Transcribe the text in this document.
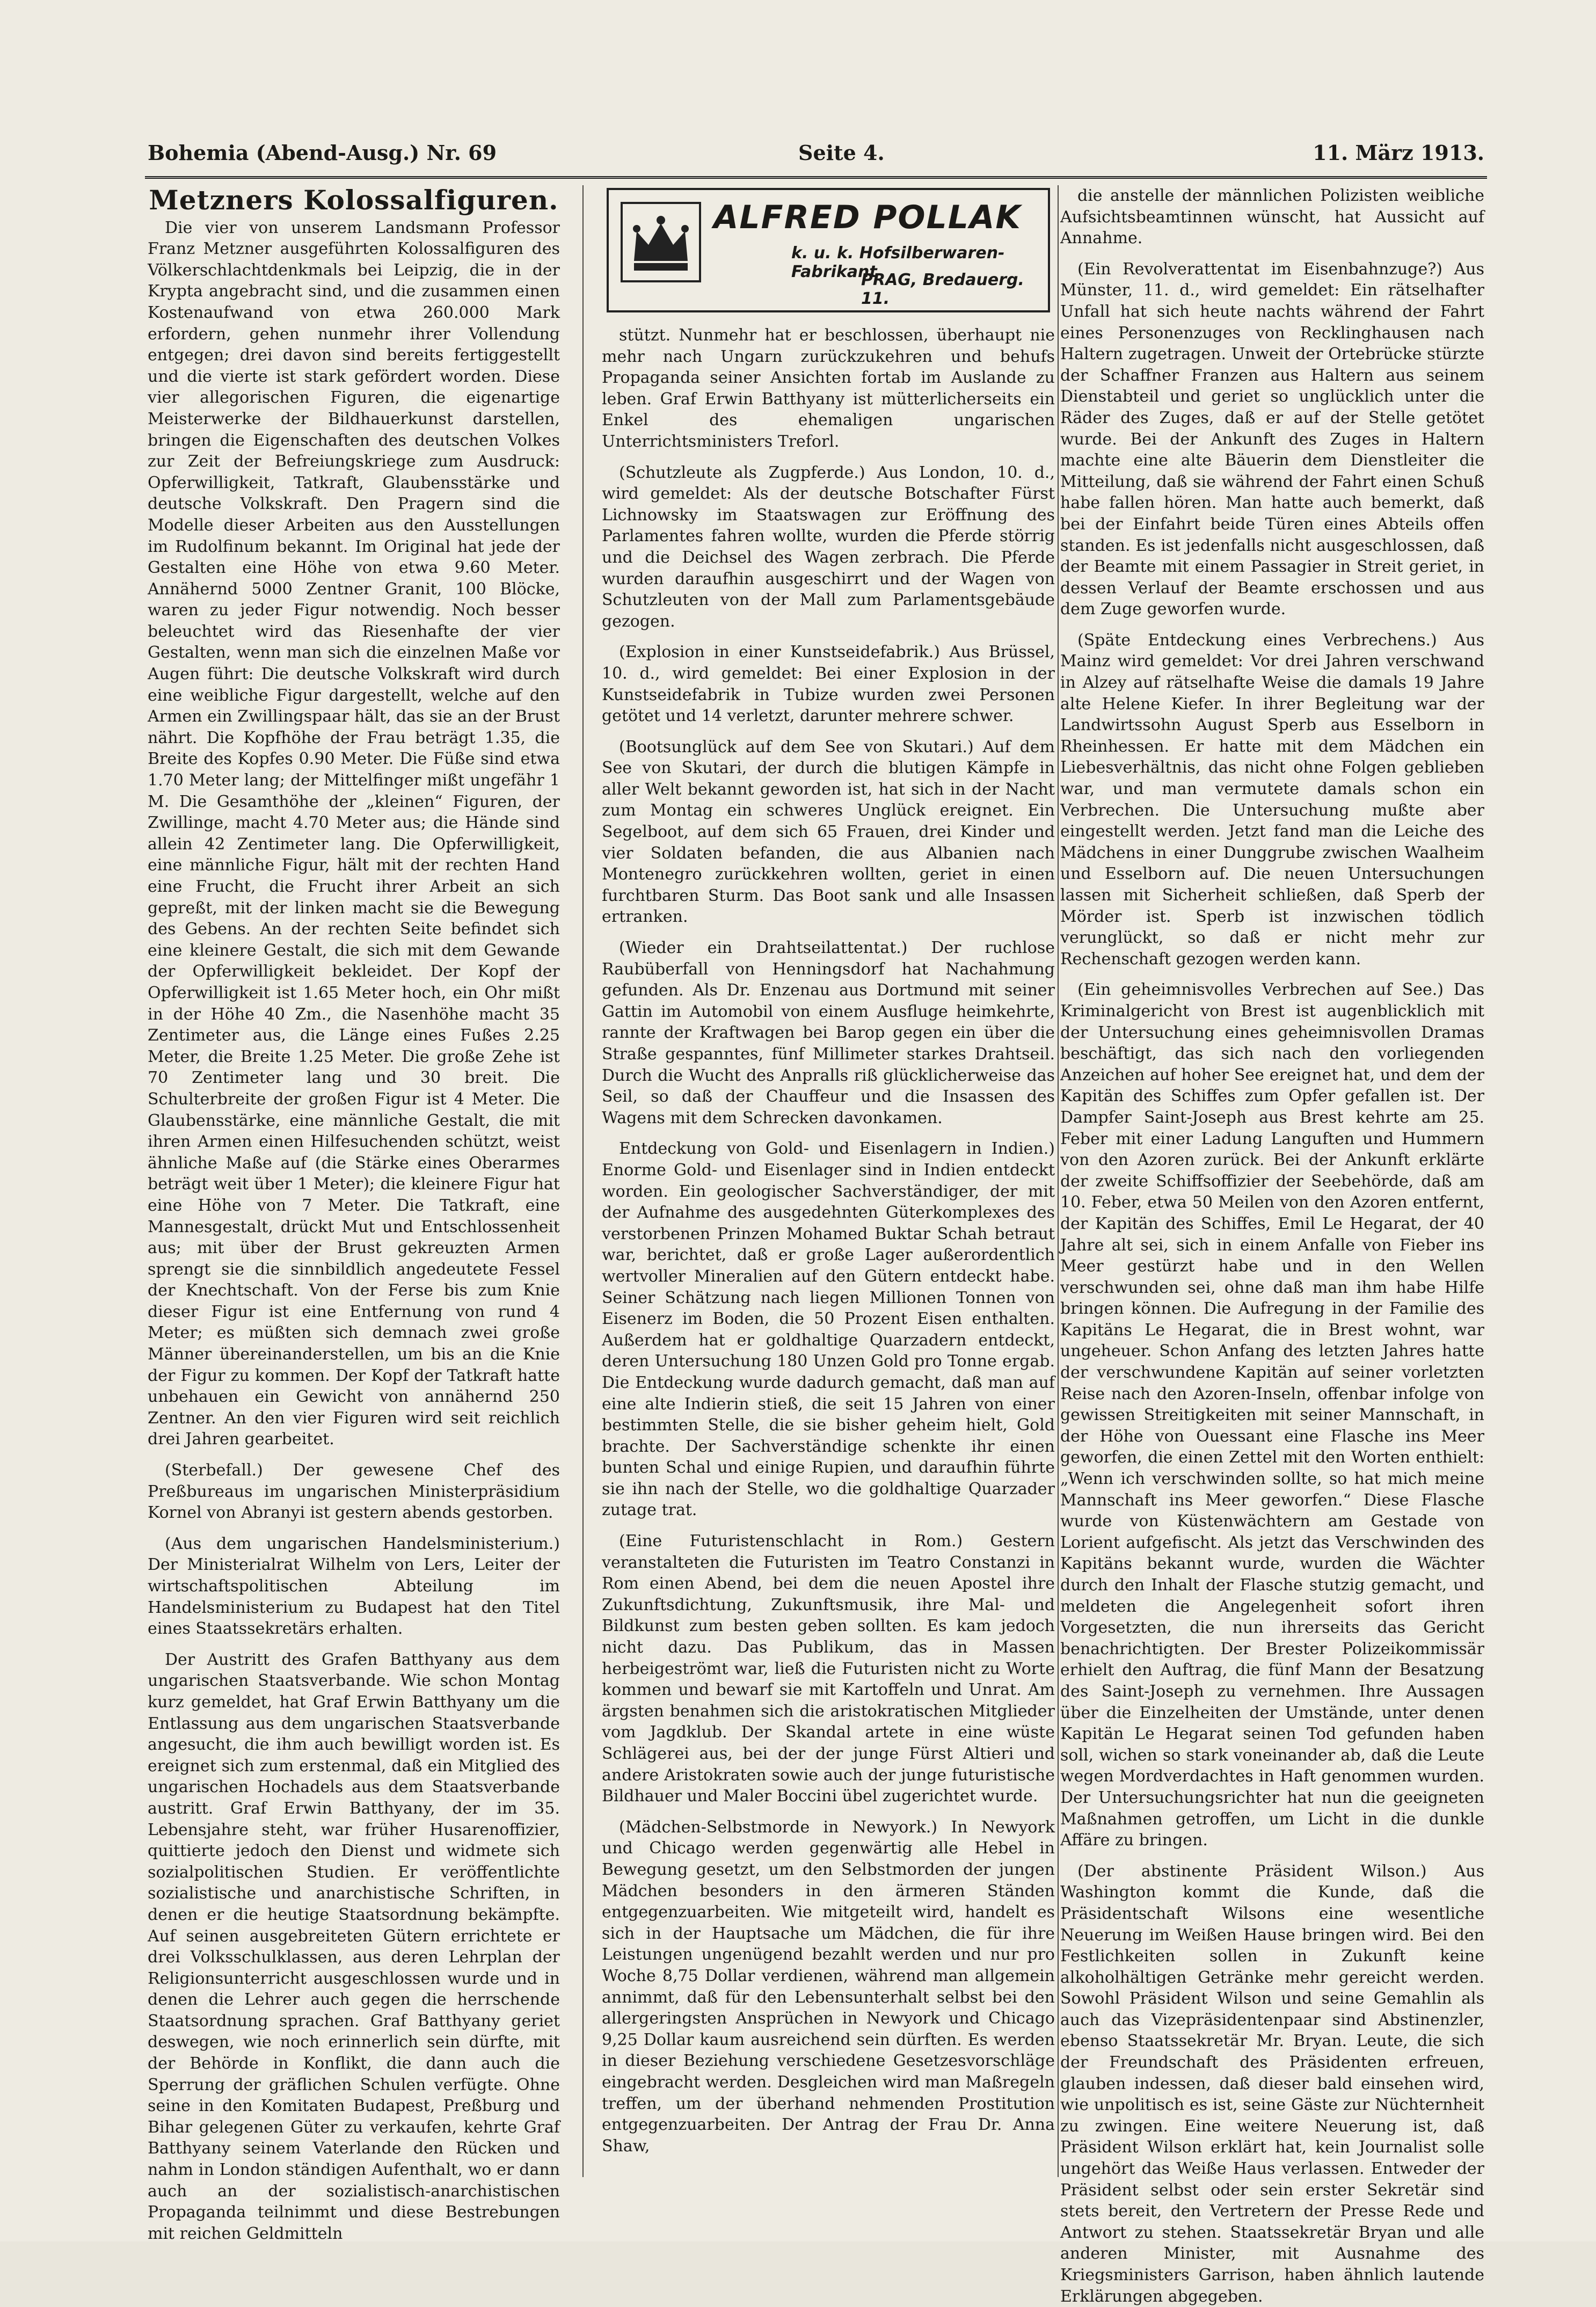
Bohemia (Abend-Ausg.) Nr. 69	Seite 4.	11. März 1913.
Metzners Kolossalfiguren.

Die vier von unserem Landsmann Professor Franz Metzner ausgeführten Kolossalfiguren des Völkerschlachtdenkmals bei Leipzig, die in der Krypta angebracht sind, und die zusammen einen Kostenaufwand von etwa 260.000 Mark erfordern, gehen nunmehr ihrer Vollendung entgegen; drei davon sind bereits fertiggestellt und die vierte ist stark gefördert worden. Diese vier allegorischen Figuren, die eigenartige Meisterwerke der Bildhauerkunst darstellen, bringen die Eigenschaften des deutschen Volkes zur Zeit der Befreiungskriege zum Ausdruck: Opferwilligkeit, Tatkraft, Glaubensstärke und deutsche Volkskraft. Den Pragern sind die Modelle dieser Arbeiten aus den Ausstellungen im Rudolfinum bekannt. Im Original hat jede der Gestalten eine Höhe von etwa 9.60 Meter. Annähernd 5000 Zentner Granit, 100 Blöcke, waren zu jeder Figur notwendig. Noch besser beleuchtet wird das Riesenhafte der vier Gestalten, wenn man sich die einzelnen Maße vor Augen führt: Die deutsche Volkskraft wird durch eine weibliche Figur dargestellt, welche auf den Armen ein Zwillingspaar hält, das sie an der Brust nährt. Die Kopfhöhe der Frau beträgt 1.35, die Breite des Kopfes 0.90 Meter. Die Füße sind etwa 1.70 Meter lang; der Mittelfinger mißt ungefähr 1 M. Die Gesamthöhe der „kleinen“ Figuren, der Zwillinge, macht 4.70 Meter aus; die Hände sind allein 42 Zentimeter lang. Die Opferwilligkeit, eine männliche Figur, hält mit der rechten Hand eine Frucht, die Frucht ihrer Arbeit an sich gepreßt, mit der linken macht sie die Bewegung des Gebens. An der rechten Seite befindet sich eine kleinere Gestalt, die sich mit dem Gewande der Opferwilligkeit bekleidet. Der Kopf der Opferwilligkeit ist 1.65 Meter hoch, ein Ohr mißt in der Höhe 40 Zm., die Nasenhöhe macht 35 Zentimeter aus, die Länge eines Fußes 2.25 Meter, die Breite 1.25 Meter. Die große Zehe ist 70 Zentimeter lang und 30 breit. Die Schulterbreite der großen Figur ist 4 Meter. Die Glaubensstärke, eine männliche Gestalt, die mit ihren Armen einen Hilfesuchenden schützt, weist ähnliche Maße auf (die Stärke eines Oberarmes beträgt weit über 1 Meter); die kleinere Figur hat eine Höhe von 7 Meter. Die Tatkraft, eine Mannesgestalt, drückt Mut und Entschlossenheit aus; mit über der Brust gekreuzten Armen sprengt sie die sinnbildlich angedeutete Fessel der Knechtschaft. Von der Ferse bis zum Knie dieser Figur ist eine Entfernung von rund 4 Meter; es müßten sich demnach zwei große Männer übereinanderstellen, um bis an die Knie der Figur zu kommen. Der Kopf der Tatkraft hatte unbehauen ein Gewicht von annähernd 250 Zentner. An den vier Figuren wird seit reichlich drei Jahren gearbeitet.

(Sterbefall.) Der gewesene Chef des Preßbureaus im ungarischen Ministerpräsidium Kornel von Abranyi ist gestern abends gestorben.

(Aus dem ungarischen Handelsministerium.) Der Ministerialrat Wilhelm von Lers, Leiter der wirtschaftspolitischen Abteilung im Handelsministerium zu Budapest hat den Titel eines Staatssekretärs erhalten.

Der Austritt des Grafen Batthyany aus dem ungarischen Staatsverbande. Wie schon Montag kurz gemeldet, hat Graf Erwin Batthyany um die Entlassung aus dem ungarischen Staatsverbande angesucht, die ihm auch bewilligt worden ist. Es ereignet sich zum erstenmal, daß ein Mitglied des ungarischen Hochadels aus dem Staatsverbande austritt. Graf Erwin Batthyany, der im 35. Lebensjahre steht, war früher Husarenoffizier, quittierte jedoch den Dienst und widmete sich sozialpolitischen Studien. Er veröffentlichte sozialistische und anarchistische Schriften, in denen er die heutige Staatsordnung bekämpfte. Auf seinen ausgebreiteten Gütern errichtete er drei Volksschulklassen, aus deren Lehrplan der Religionsunterricht ausgeschlossen wurde und in denen die Lehrer auch gegen die herrschende Staatsordnung sprachen. Graf Batthyany geriet deswegen, wie noch erinnerlich sein dürfte, mit der Behörde in Konflikt, die dann auch die Sperrung der gräflichen Schulen verfügte. Ohne seine in den Komitaten Budapest, Preßburg und Bihar gelegenen Güter zu verkaufen, kehrte Graf Batthyany seinem Vaterlande den Rücken und nahm in London ständigen Aufenthalt, wo er dann auch an der sozialistisch-anarchistischen Propaganda teilnimmt und diese Bestrebungen mit reichen Geldmitteln

ALFRED POLLAK
k. u. k. Hofsilberwaren-Fabrikant
PRAG, Bredauerg. 11.

stützt. Nunmehr hat er beschlossen, überhaupt nie mehr nach Ungarn zurückzukehren und behufs Propaganda seiner Ansichten fortab im Auslande zu leben. Graf Erwin Batthyany ist mütterlicherseits ein Enkel des ehemaligen ungarischen Unterrichtsministers Treforl.

(Schutzleute als Zugpferde.) Aus London, 10. d., wird gemeldet: Als der deutsche Botschafter Fürst Lichnowsky im Staatswagen zur Eröffnung des Parlamentes fahren wollte, wurden die Pferde störrig und die Deichsel des Wagen zerbrach. Die Pferde wurden daraufhin ausgeschirrt und der Wagen von Schutzleuten von der Mall zum Parlamentsgebäude gezogen.

(Explosion in einer Kunstseidefabrik.) Aus Brüssel, 10. d., wird gemeldet: Bei einer Explosion in der Kunstseidefabrik in Tubize wurden zwei Personen getötet und 14 verletzt, darunter mehrere schwer.

(Bootsunglück auf dem See von Skutari.) Auf dem See von Skutari, der durch die blutigen Kämpfe in aller Welt bekannt geworden ist, hat sich in der Nacht zum Montag ein schweres Unglück ereignet. Ein Segelboot, auf dem sich 65 Frauen, drei Kinder und vier Soldaten befanden, die aus Albanien nach Montenegro zurückkehren wollten, geriet in einen furchtbaren Sturm. Das Boot sank und alle Insassen ertranken.

(Wieder ein Drahtseilattentat.) Der ruchlose Raubüberfall von Henningsdorf hat Nachahmung gefunden. Als Dr. Enzenau aus Dortmund mit seiner Gattin im Automobil von einem Ausfluge heimkehrte, rannte der Kraftwagen bei Barop gegen ein über die Straße gespanntes, fünf Millimeter starkes Drahtseil. Durch die Wucht des Anpralls riß glücklicherweise das Seil, so daß der Chauffeur und die Insassen des Wagens mit dem Schrecken davonkamen.

Entdeckung von Gold- und Eisenlagern in Indien.) Enorme Gold- und Eisenlager sind in Indien entdeckt worden. Ein geologischer Sachverständiger, der mit der Aufnahme des ausgedehnten Güterkomplexes des verstorbenen Prinzen Mohamed Buktar Schah betraut war, berichtet, daß er große Lager außerordentlich wertvoller Mineralien auf den Gütern entdeckt habe. Seiner Schätzung nach liegen Millionen Tonnen von Eisenerz im Boden, die 50 Prozent Eisen enthalten. Außerdem hat er goldhaltige Quarzadern entdeckt, deren Untersuchung 180 Unzen Gold pro Tonne ergab. Die Entdeckung wurde dadurch gemacht, daß man auf eine alte Indierin stieß, die seit 15 Jahren von einer bestimmten Stelle, die sie bisher geheim hielt, Gold brachte. Der Sachverständige schenkte ihr einen bunten Schal und einige Rupien, und daraufhin führte sie ihn nach der Stelle, wo die goldhaltige Quarzader zutage trat.

(Eine Futuristenschlacht in Rom.) Gestern veranstalteten die Futuristen im Teatro Constanzi in Rom einen Abend, bei dem die neuen Apostel ihre Zukunftsdichtung, Zukunftsmusik, ihre Mal- und Bildkunst zum besten geben sollten. Es kam jedoch nicht dazu. Das Publikum, das in Massen herbeigeströmt war, ließ die Futuristen nicht zu Worte kommen und bewarf sie mit Kartoffeln und Unrat. Am ärgsten benahmen sich die aristokratischen Mitglieder vom Jagdklub. Der Skandal artete in eine wüste Schlägerei aus, bei der der junge Fürst Altieri und andere Aristokraten sowie auch der junge futuristische Bildhauer und Maler Boccini übel zugerichtet wurde.

(Mädchen-Selbstmorde in Newyork.) In Newyork und Chicago werden gegenwärtig alle Hebel in Bewegung gesetzt, um den Selbstmorden der jungen Mädchen besonders in den ärmeren Ständen entgegenzuarbeiten. Wie mitgeteilt wird, handelt es sich in der Hauptsache um Mädchen, die für ihre Leistungen ungenügend bezahlt werden und nur pro Woche 8,75 Dollar verdienen, während man allgemein annimmt, daß für den Lebensunterhalt selbst bei den allergeringsten Ansprüchen in Newyork und Chicago 9,25 Dollar kaum ausreichend sein dürften. Es werden in dieser Beziehung verschiedene Gesetzesvorschläge eingebracht werden. Desgleichen wird man Maßregeln treffen, um der überhand nehmenden Prostitution entgegenzuarbeiten. Der Antrag der Frau Dr. Anna Shaw,

die anstelle der männlichen Polizisten weibliche Aufsichtsbeamtinnen wünscht, hat Aussicht auf Annahme.

(Ein Revolverattentat im Eisenbahnzuge?) Aus Münster, 11. d., wird gemeldet: Ein rätselhafter Unfall hat sich heute nachts während der Fahrt eines Personenzuges von Recklinghausen nach Haltern zugetragen. Unweit der Ortebrücke stürzte der Schaffner Franzen aus Haltern aus seinem Dienstabteil und geriet so unglücklich unter die Räder des Zuges, daß er auf der Stelle getötet wurde. Bei der Ankunft des Zuges in Haltern machte eine alte Bäuerin dem Dienstleiter die Mitteilung, daß sie während der Fahrt einen Schuß habe fallen hören. Man hatte auch bemerkt, daß bei der Einfahrt beide Türen eines Abteils offen standen. Es ist jedenfalls nicht ausgeschlossen, daß der Beamte mit einem Passagier in Streit geriet, in dessen Verlauf der Beamte erschossen und aus dem Zuge geworfen wurde.

(Späte Entdeckung eines Verbrechens.) Aus Mainz wird gemeldet: Vor drei Jahren verschwand in Alzey auf rätselhafte Weise die damals 19 Jahre alte Helene Kiefer. In ihrer Begleitung war der Landwirtssohn August Sperb aus Esselborn in Rheinhessen. Er hatte mit dem Mädchen ein Liebesverhältnis, das nicht ohne Folgen geblieben war, und man vermutete damals schon ein Verbrechen. Die Untersuchung mußte aber eingestellt werden. Jetzt fand man die Leiche des Mädchens in einer Dunggrube zwischen Waalheim und Esselborn auf. Die neuen Untersuchungen lassen mit Sicherheit schließen, daß Sperb der Mörder ist. Sperb ist inzwischen tödlich verunglückt, so daß er nicht mehr zur Rechenschaft gezogen werden kann.

(Ein geheimnisvolles Verbrechen auf See.) Das Kriminalgericht von Brest ist augenblicklich mit der Untersuchung eines geheimnisvollen Dramas beschäftigt, das sich nach den vorliegenden Anzeichen auf hoher See ereignet hat, und dem der Kapitän des Schiffes zum Opfer gefallen ist. Der Dampfer Saint-Joseph aus Brest kehrte am 25. Feber mit einer Ladung Languften und Hummern von den Azoren zurück. Bei der Ankunft erklärte der zweite Schiffsoffizier der Seebehörde, daß am 10. Feber, etwa 50 Meilen von den Azoren entfernt, der Kapitän des Schiffes, Emil Le Hegarat, der 40 Jahre alt sei, sich in einem Anfalle von Fieber ins Meer gestürzt habe und in den Wellen verschwunden sei, ohne daß man ihm habe Hilfe bringen können. Die Aufregung in der Familie des Kapitäns Le Hegarat, die in Brest wohnt, war ungeheuer. Schon Anfang des letzten Jahres hatte der verschwundene Kapitän auf seiner vorletzten Reise nach den Azoren-Inseln, offenbar infolge von gewissen Streitigkeiten mit seiner Mannschaft, in der Höhe von Ouessant eine Flasche ins Meer geworfen, die einen Zettel mit den Worten enthielt: „Wenn ich verschwinden sollte, so hat mich meine Mannschaft ins Meer geworfen.“ Diese Flasche wurde von Küstenwächtern am Gestade von Lorient aufgefischt. Als jetzt das Verschwinden des Kapitäns bekannt wurde, wurden die Wächter durch den Inhalt der Flasche stutzig gemacht, und meldeten die Angelegenheit sofort ihren Vorgesetzten, die nun ihrerseits das Gericht benachrichtigten. Der Brester Polizeikommissär erhielt den Auftrag, die fünf Mann der Besatzung des Saint-Joseph zu vernehmen. Ihre Aussagen über die Einzelheiten der Umstände, unter denen Kapitän Le Hegarat seinen Tod gefunden haben soll, wichen so stark voneinander ab, daß die Leute wegen Mordverdachtes in Haft genommen wurden. Der Untersuchungsrichter hat nun die geeigneten Maßnahmen getroffen, um Licht in die dunkle Affäre zu bringen.

(Der abstinente Präsident Wilson.) Aus Washington kommt die Kunde, daß die Präsidentschaft Wilsons eine wesentliche Neuerung im Weißen Hause bringen wird. Bei den Festlichkeiten sollen in Zukunft keine alkoholhältigen Getränke mehr gereicht werden. Sowohl Präsident Wilson und seine Gemahlin als auch das Vizepräsidentenpaar sind Abstinenzler, ebenso Staatssekretär Mr. Bryan. Leute, die sich der Freundschaft des Präsidenten erfreuen, glauben indessen, daß dieser bald einsehen wird, wie unpolitisch es ist, seine Gäste zur Nüchternheit zu zwingen. Eine weitere Neuerung ist, daß Präsident Wilson erklärt hat, kein Journalist solle ungehört das Weiße Haus verlassen. Entweder der Präsident selbst oder sein erster Sekretär sind stets bereit, den Vertretern der Presse Rede und Antwort zu stehen. Staatssekretär Bryan und alle anderen Minister, mit Ausnahme des Kriegsministers Garrison, haben ähnlich lautende Erklärungen abgegeben.
